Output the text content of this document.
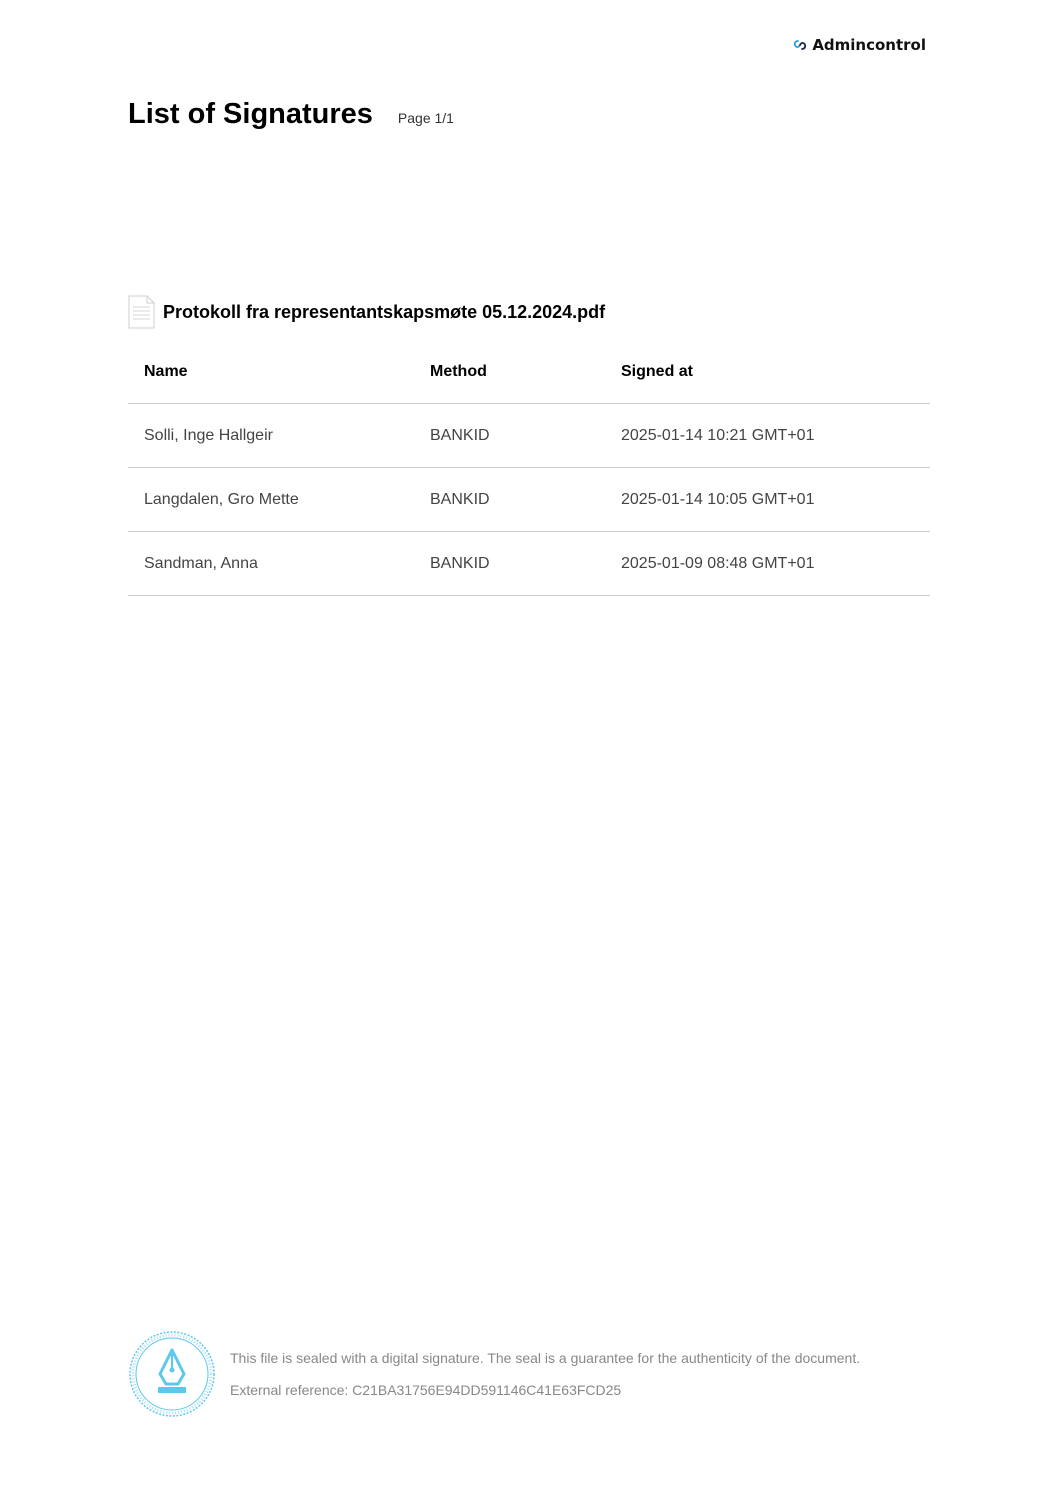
Admincontrol
List of Signatures Page 1/1
Protokoll fra representantskapsmøte 05.12.2024.pdf
Name	Method	Signed at
Solli, Inge Hallgeir	BANKID	2025-01-14 10:21 GMT+01
Langdalen, Gro Mette	BANKID	2025-01-14 10:05 GMT+01
Sandman, Anna	BANKID	2025-01-09 08:48 GMT+01

This file is sealed with a digital signature. The seal is a guarantee for the authenticity of the document.

External reference: C21BA31756E94DD591146C41E63FCD25
